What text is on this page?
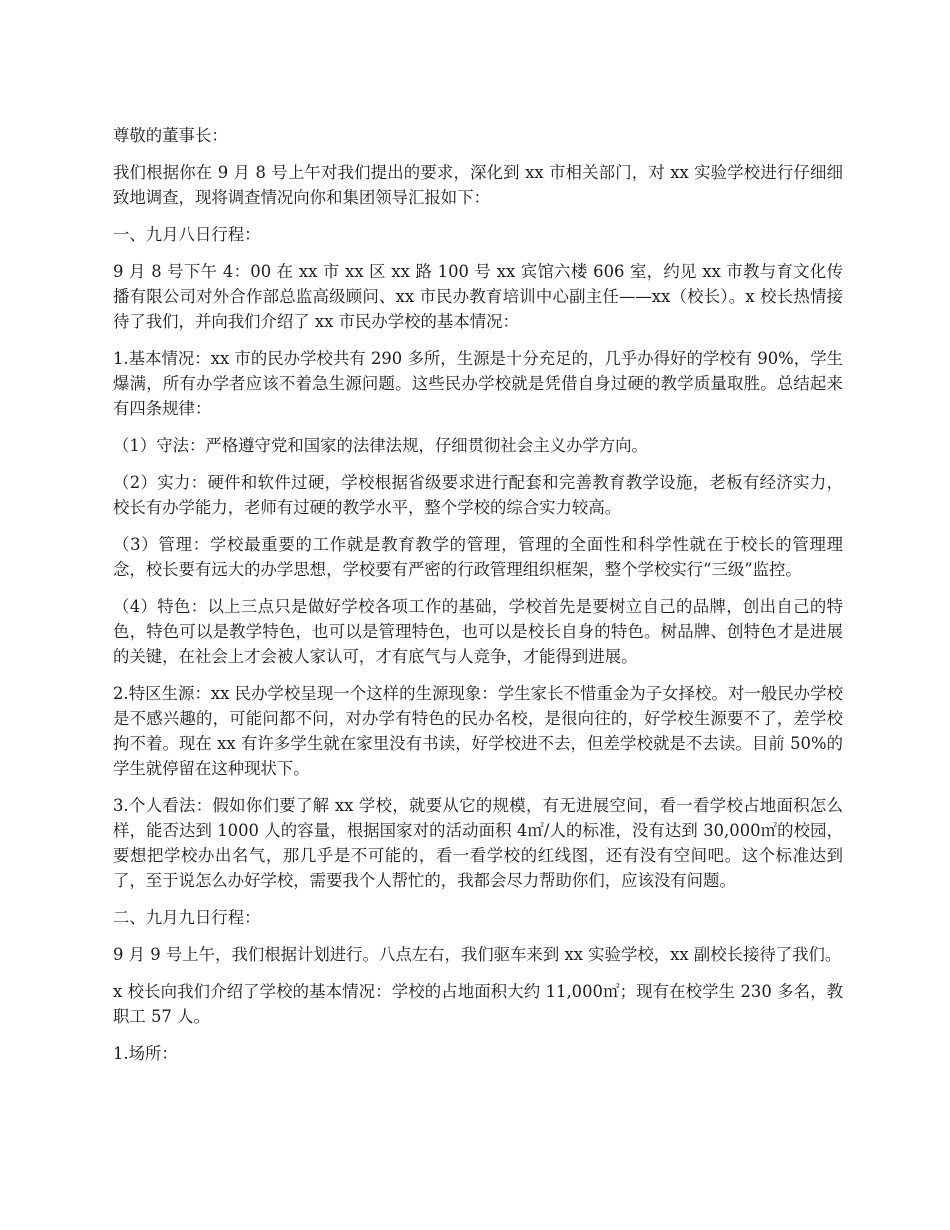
尊敬的董事长：

我们根据你在 9 月 8 号上午对我们提出的要求，深化到 xx 市相关部门，对 xx 实验学校进行仔细细致地调查，现将调查情况向你和集团领导汇报如下：

一、九月八日行程：

9 月 8 号下午 4：00 在 xx 市 xx 区 xx 路 100 号 xx 宾馆六楼 606 室，约见 xx 市教与育文化传播有限公司对外合作部总监高级顾问、xx 市民办教育培训中心副主任——xx（校长）。x 校长热情接待了我们，并向我们介绍了 xx 市民办学校的基本情况：

1.基本情况：xx 市的民办学校共有 290 多所，生源是十分充足的，几乎办得好的学校有 90%，学生爆满，所有办学者应该不着急生源问题。这些民办学校就是凭借自身过硬的教学质量取胜。总结起来有四条规律：

（1）守法：严格遵守党和国家的法律法规，仔细贯彻社会主义办学方向。

（2）实力：硬件和软件过硬，学校根据省级要求进行配套和完善教育教学设施，老板有经济实力，校长有办学能力，老师有过硬的教学水平，整个学校的综合实力较高。

（3）管理：学校最重要的工作就是教育教学的管理，管理的全面性和科学性就在于校长的管理理念，校长要有远大的办学思想，学校要有严密的行政管理组织框架，整个学校实行“三级”监控。

（4）特色：以上三点只是做好学校各项工作的基础，学校首先是要树立自己的品牌，创出自己的特色，特色可以是教学特色，也可以是管理特色，也可以是校长自身的特色。树品牌、创特色才是进展的关键，在社会上才会被人家认可，才有底气与人竞争，才能得到进展。

2.特区生源：xx 民办学校呈现一个这样的生源现象：学生家长不惜重金为子女择校。对一般民办学校是不感兴趣的，可能问都不问，对办学有特色的民办名校，是很向往的，好学校生源要不了，差学校拘不着。现在 xx 有许多学生就在家里没有书读，好学校进不去，但差学校就是不去读。目前 50%的学生就停留在这种现状下。

3.个人看法：假如你们要了解 xx 学校，就要从它的规模，有无进展空间，看一看学校占地面积怎么样，能否达到 1000 人的容量，根据国家对的活动面积 4㎡/人的标准，没有达到 30,000㎡的校园，要想把学校办出名气，那几乎是不可能的，看一看学校的红线图，还有没有空间吧。这个标准达到了，至于说怎么办好学校，需要我个人帮忙的，我都会尽力帮助你们，应该没有问题。

二、九月九日行程：

9 月 9 号上午，我们根据计划进行。八点左右，我们驱车来到 xx 实验学校，xx 副校长接待了我们。

x 校长向我们介绍了学校的基本情况：学校的占地面积大约 11,000㎡；现有在校学生 230 多名，教职工 57 人。

1.场所：
